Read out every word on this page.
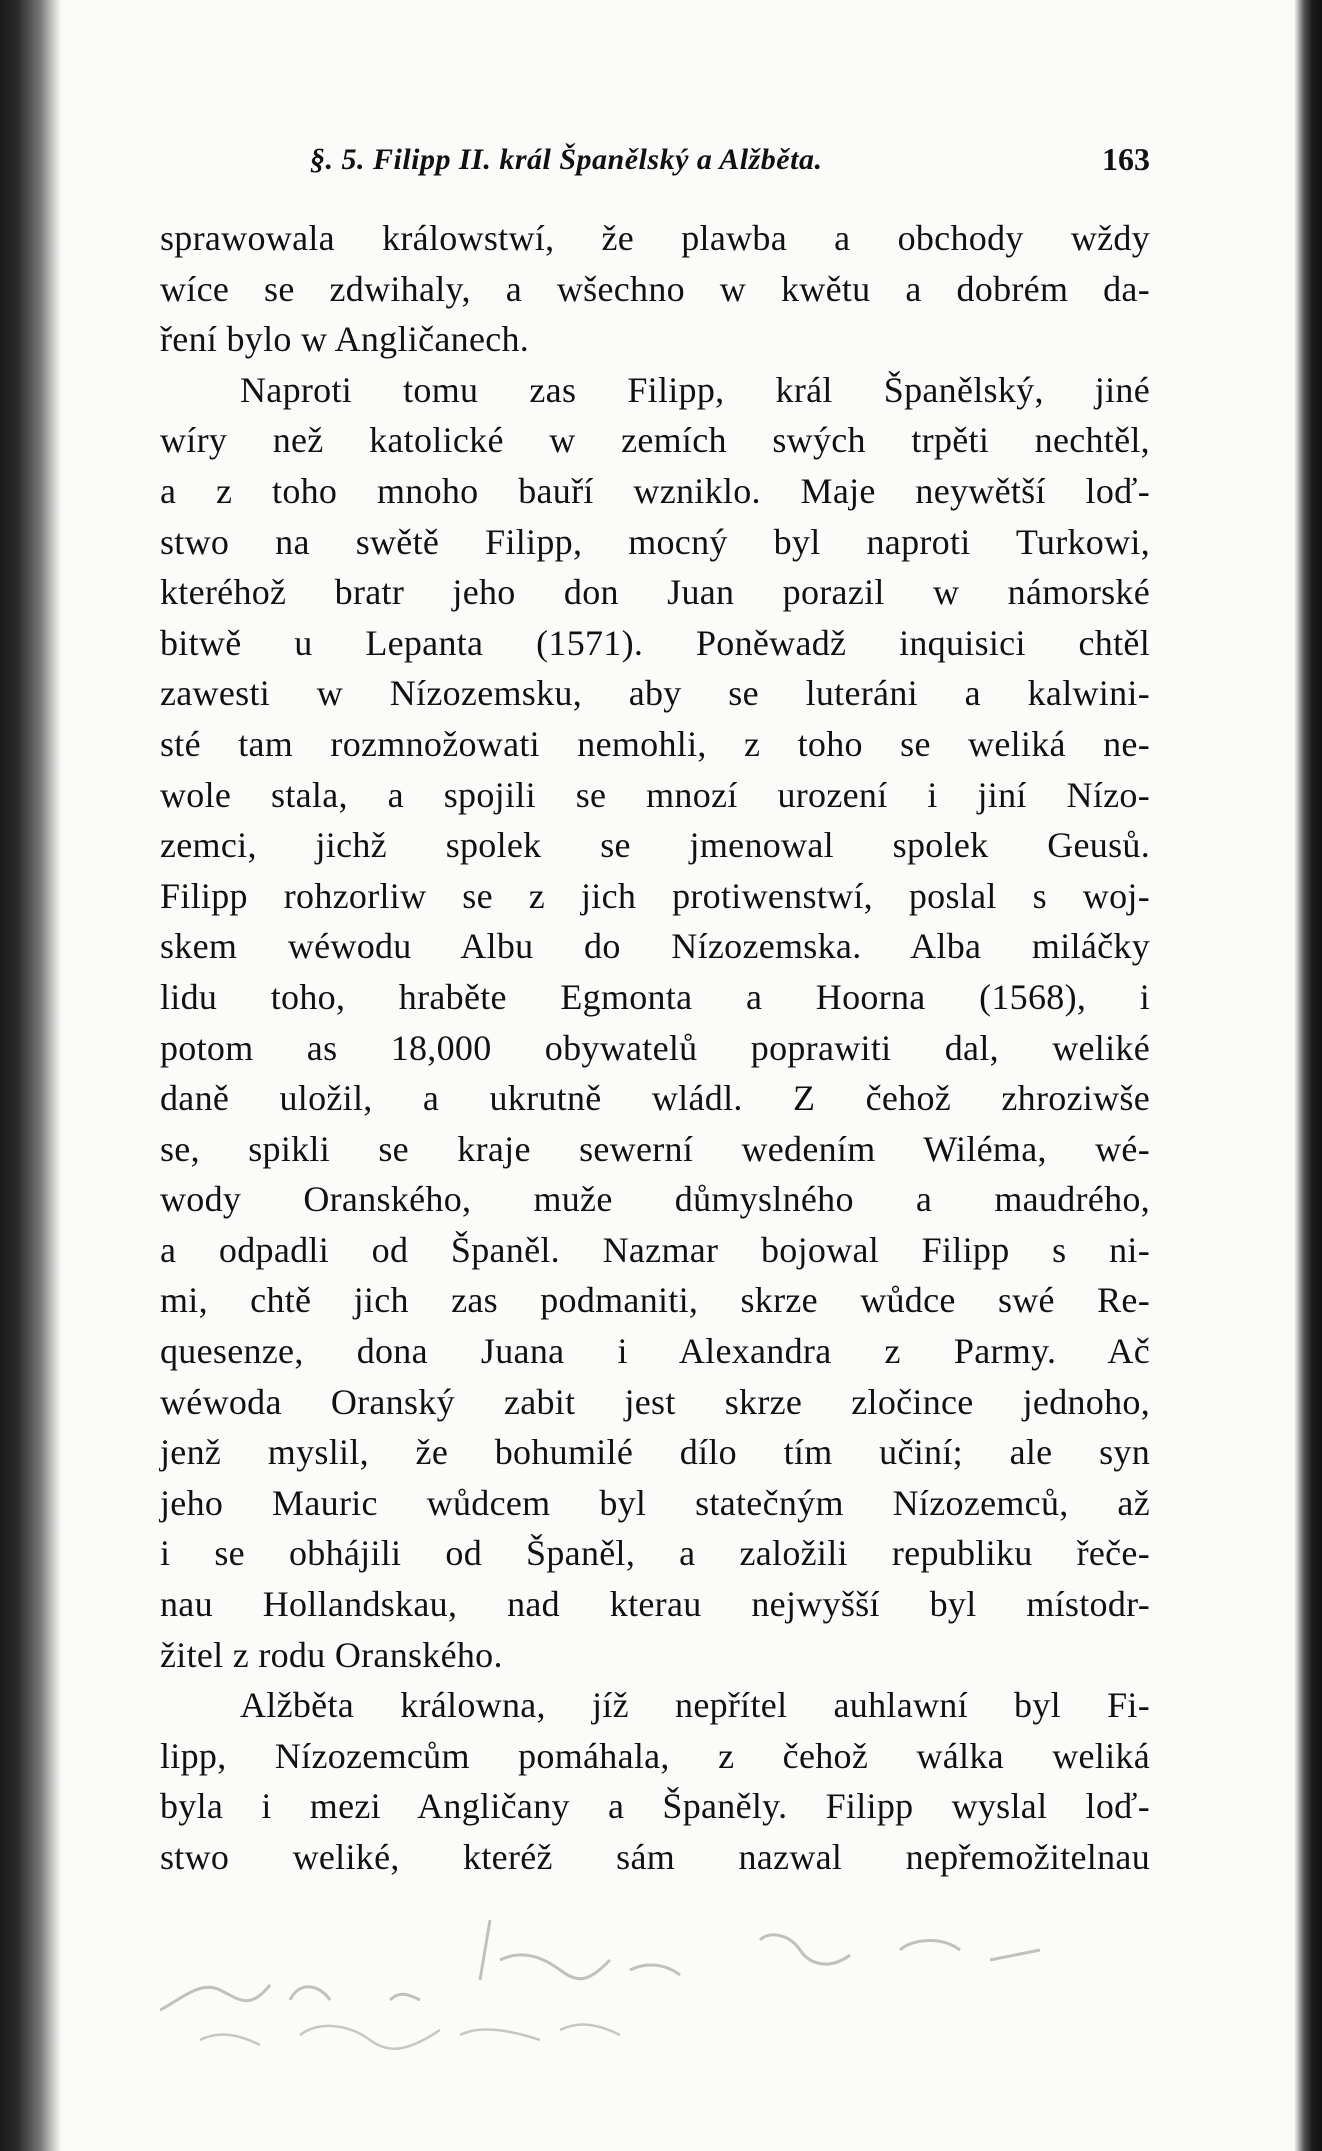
§. 5. Filipp II. král Španělský a Alžběta.	163
sprawowala králowstwí, že plawba a obchody wždy
wíce se zdwihaly, a wšechno w kwětu a dobrém da-
ření bylo w Angličanech.
Naproti tomu zas Filipp, král Španělský, jiné
wíry než katolické w zemích swých trpěti nechtěl,
a z toho mnoho bauří wzniklo. Maje neywětší loď-
stwo na swětě Filipp, mocný byl naproti Turkowi,
kteréhož bratr jeho don Juan porazil w námorské
bitwě u Lepanta (1571). Poněwadž inquisici chtěl
zawesti w Nízozemsku, aby se luteráni a kalwini-
sté tam rozmnožowati nemohli, z toho se weliká ne-
wole stala, a spojili se mnozí urození i jiní Nízo-
zemci, jichž spolek se jmenowal spolek Geusů.
Filipp rohzorliw se z jich protiwenstwí, poslal s woj-
skem wéwodu Albu do Nízozemska. Alba miláčky
lidu toho, hraběte Egmonta a Hoorna (1568), i
potom as 18,000 obywatelů poprawiti dal, weliké
daně uložil, a ukrutně wládl. Z čehož zhroziwše
se, spikli se kraje sewerní wedením Wiléma, wé-
wody Oranského, muže důmyslného a maudrého,
a odpadli od Španěl. Nazmar bojowal Filipp s ni-
mi, chtě jich zas podmaniti, skrze wůdce swé Re-
quesenze, dona Juana i Alexandra z Parmy. Ač
wéwoda Oranský zabit jest skrze zločince jednoho,
jenž myslil, že bohumilé dílo tím učiní; ale syn
jeho Mauric wůdcem byl statečným Nízozemců, až
i se obhájili od Španěl, a založili republiku řeče-
nau Hollandskau, nad kterau nejwyšší byl místodr-
žitel z rodu Oranského.
Alžběta králowna, jíž nepřítel auhlawní byl Fi-
lipp, Nízozemcům pomáhala, z čehož wálka weliká
byla i mezi Angličany a Španěly. Filipp wyslal loď-
stwo weliké, kteréž sám nazwal nepřemožitelnau
